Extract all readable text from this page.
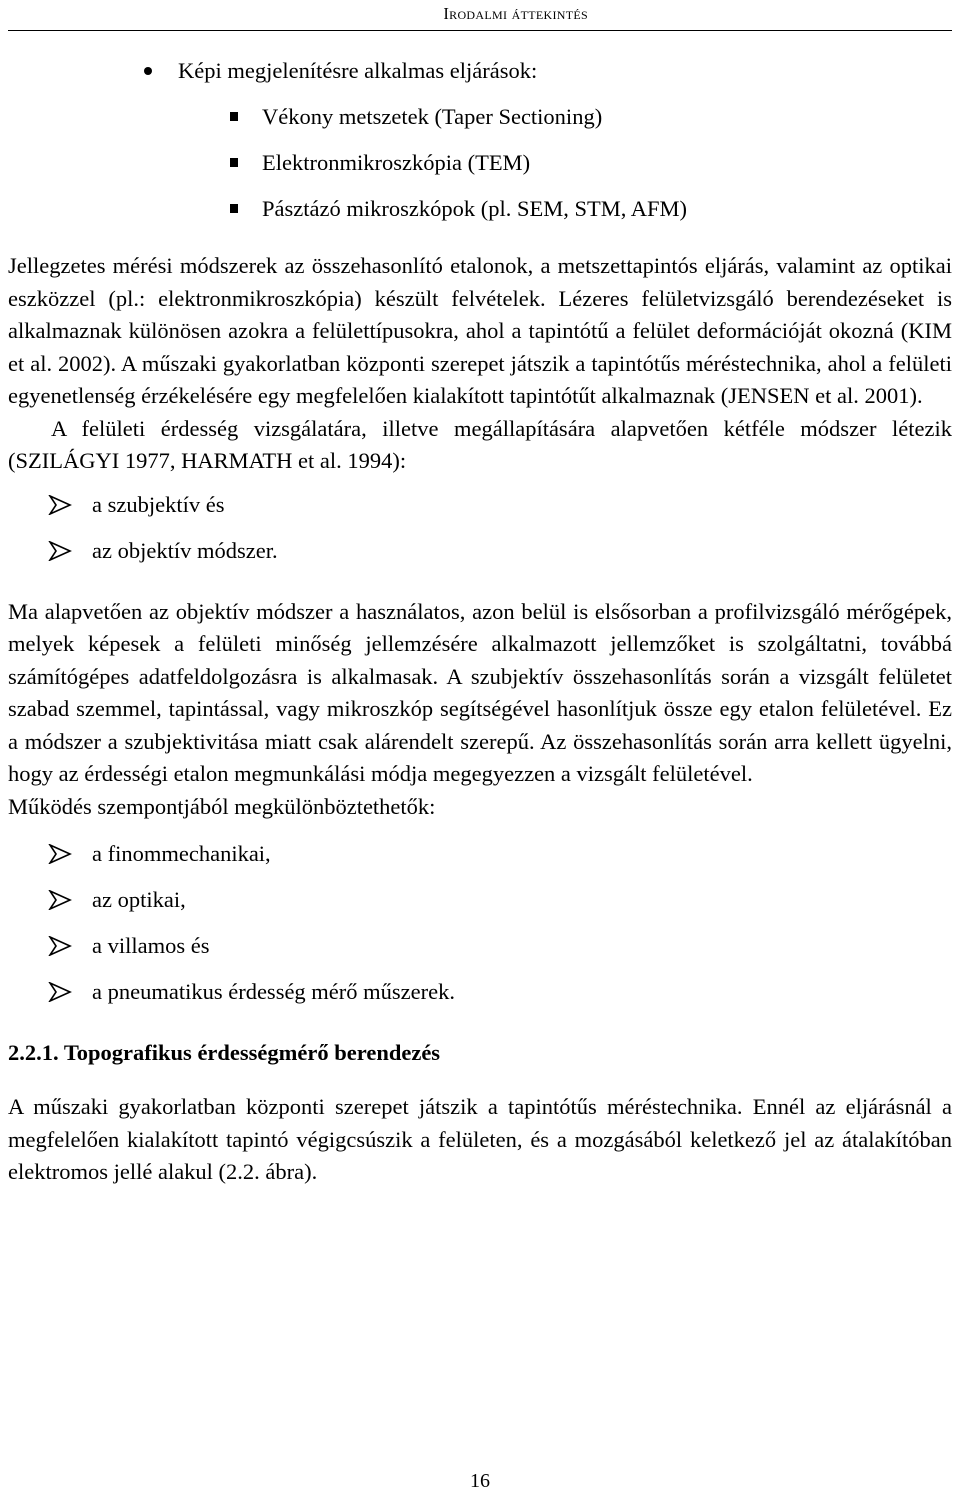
Irodalmi áttekintés
Képi megjelenítésre alkalmas eljárások:
Vékony metszetek (Taper Sectioning)
Elektronmikroszkópia (TEM)
Pásztázó mikroszkópok (pl. SEM, STM, AFM)

Jellegzetes mérési módszerek az összehasonlító etalonok, a metszettapintós eljárás, valamint az optikai eszközzel (pl.: elektronmikroszkópia) készült felvételek. Lézeres felületvizsgáló berendezéseket is alkalmaznak különösen azokra a felülettípusokra, ahol a tapintótű a felület deformációját okozná (KIM et al. 2002). A műszaki gyakorlatban központi szerepet játszik a tapintótűs méréstechnika, ahol a felületi egyenetlenség érzékelésére egy megfelelően kialakított tapintótűt alkalmaznak (JENSEN et al. 2001).

A felületi érdesség vizsgálatára, illetve megállapítására alapvetően kétféle módszer létezik (SZILÁGYI 1977, HARMATH et al. 1994):

a szubjektív és
az objektív módszer.

Ma alapvetően az objektív módszer a használatos, azon belül is elsősorban a profilvizsgáló mérőgépek, melyek képesek a felületi minőség jellemzésére alkalmazott jellemzőket is szolgáltatni, továbbá számítógépes adatfeldolgozásra is alkalmasak. A szubjektív összehasonlítás során a vizsgált felületet szabad szemmel, tapintással, vagy mikroszkóp segítségével hasonlítjuk össze egy etalon felületével. Ez a módszer a szubjektivitása miatt csak alárendelt szerepű. Az összehasonlítás során arra kellett ügyelni, hogy az érdességi etalon megmunkálási módja megegyezzen a vizsgált felületével.

Működés szempontjából megkülönböztethetők:

a finommechanikai,
az optikai,
a villamos és
a pneumatikus érdesség mérő műszerek.
2.2.1. Topografikus érdességmérő berendezés

A műszaki gyakorlatban központi szerepet játszik a tapintótűs méréstechnika. Ennél az eljárásnál a megfelelően kialakított tapintó végigcsúszik a felületen, és a mozgásából keletkező jel az átalakítóban elektromos jellé alakul (2.2. ábra).

16
